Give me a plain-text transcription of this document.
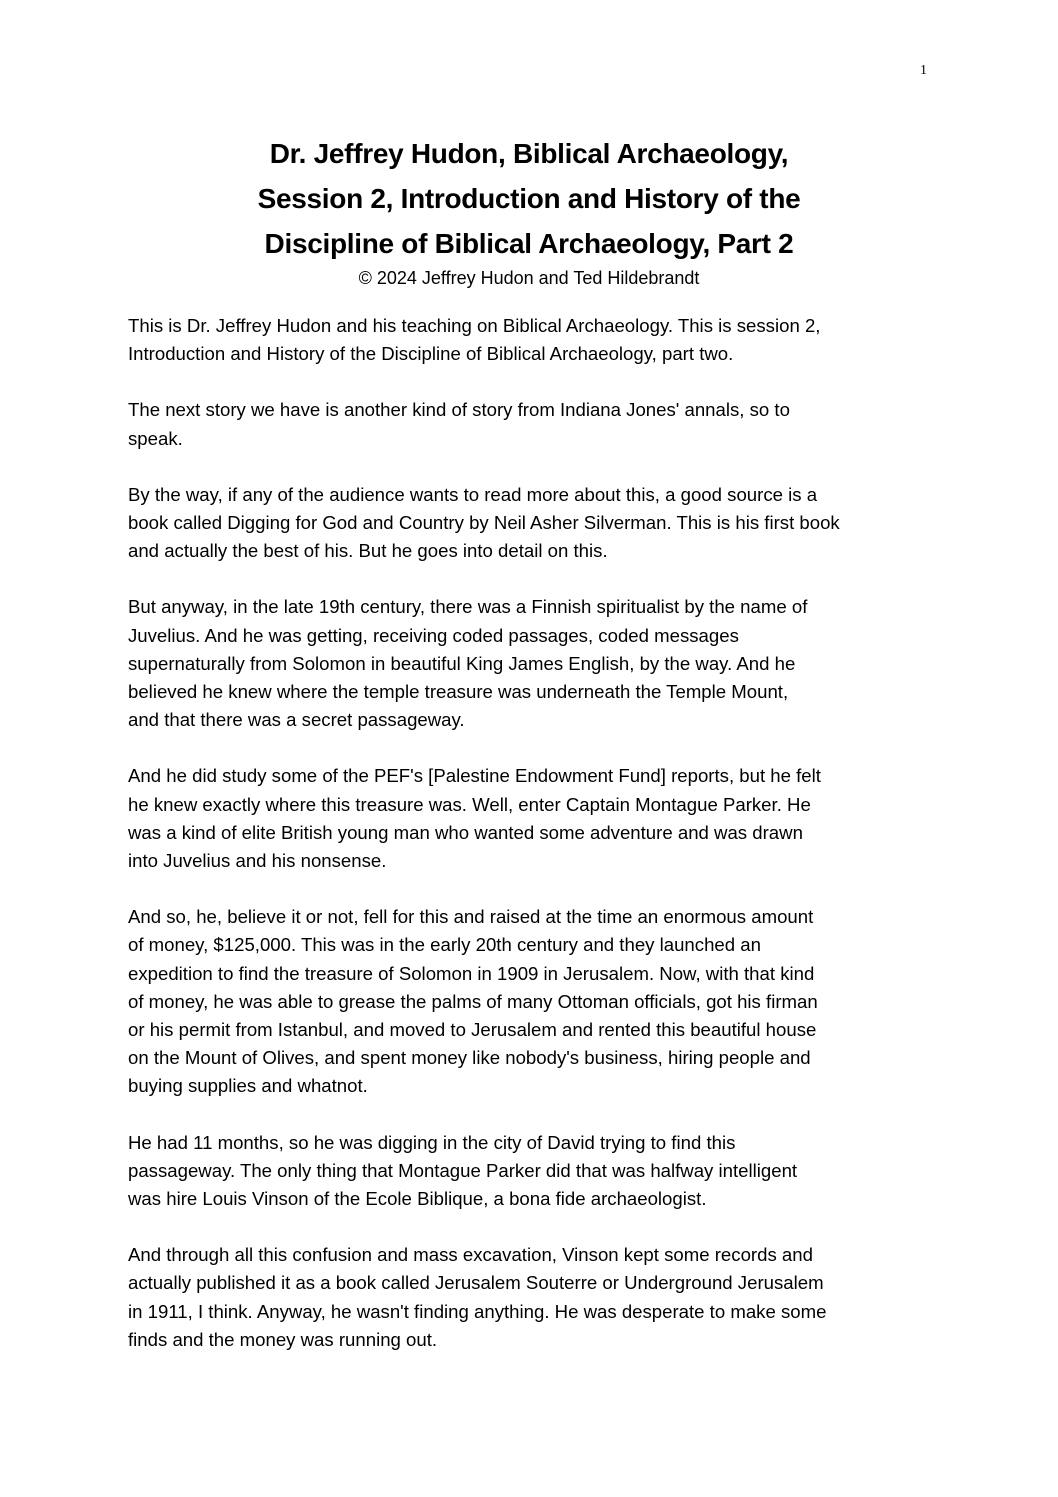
1
Dr. Jeffrey Hudon, Biblical Archaeology,
Session 2, Introduction and History of the
Discipline of Biblical Archaeology, Part 2
© 2024 Jeffrey Hudon and Ted Hildebrandt
This is Dr. Jeffrey Hudon and his teaching on Biblical Archaeology. This is session 2,
Introduction and History of the Discipline of Biblical Archaeology, part two.
The next story we have is another kind of story from Indiana Jones' annals, so to
speak.
By the way, if any of the audience wants to read more about this, a good source is a
book called Digging for God and Country by Neil Asher Silverman. This is his first book
and actually the best of his. But he goes into detail on this.
But anyway, in the late 19th century, there was a Finnish spiritualist by the name of
Juvelius. And he was getting, receiving coded passages, coded messages
supernaturally from Solomon in beautiful King James English, by the way. And he
believed he knew where the temple treasure was underneath the Temple Mount,
and that there was a secret passageway.
And he did study some of the PEF's [Palestine Endowment Fund] reports, but he felt
he knew exactly where this treasure was. Well, enter Captain Montague Parker. He
was a kind of elite British young man who wanted some adventure and was drawn
into Juvelius and his nonsense.
And so, he, believe it or not, fell for this and raised at the time an enormous amount
of money, $125,000. This was in the early 20th century and they launched an
expedition to find the treasure of Solomon in 1909 in Jerusalem. Now, with that kind
of money, he was able to grease the palms of many Ottoman officials, got his firman
or his permit from Istanbul, and moved to Jerusalem and rented this beautiful house
on the Mount of Olives, and spent money like nobody's business, hiring people and
buying supplies and whatnot.
He had 11 months, so he was digging in the city of David trying to find this
passageway. The only thing that Montague Parker did that was halfway intelligent
was hire Louis Vinson of the Ecole Biblique, a bona fide archaeologist.
And through all this confusion and mass excavation, Vinson kept some records and
actually published it as a book called Jerusalem Souterre or Underground Jerusalem
in 1911, I think. Anyway, he wasn't finding anything. He was desperate to make some
finds and the money was running out.
